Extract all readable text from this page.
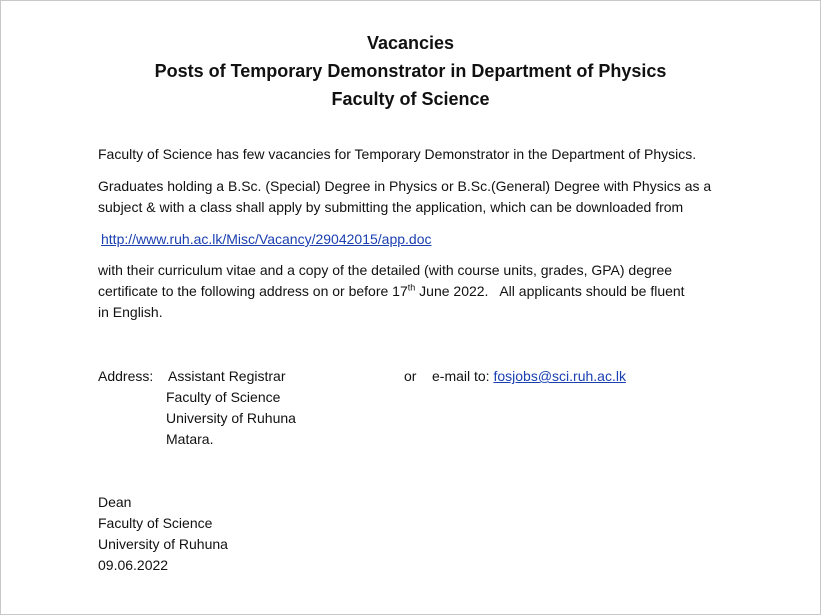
Vacancies
Posts of Temporary Demonstrator in Department of Physics
Faculty of Science
Faculty of Science has few vacancies for Temporary Demonstrator in the Department of Physics.
Graduates holding a B.Sc. (Special) Degree in Physics or B.Sc.(General) Degree with Physics as a
subject & with a class shall apply by submitting the application, which can be downloaded from
http://www.ruh.ac.lk/Misc/Vacancy/29042015/app.doc
with their curriculum vitae and a copy of the detailed (with course units, grades, GPA) degree
certificate to the following address on or before 17th June 2022.   All applicants should be fluent
in English.
Address: Assistant Registrar
Faculty of Science
University of Ruhuna
Matara.
or e-mail to: fosjobs@sci.ruh.ac.lk
Dean
Faculty of Science
University of Ruhuna
09.06.2022
